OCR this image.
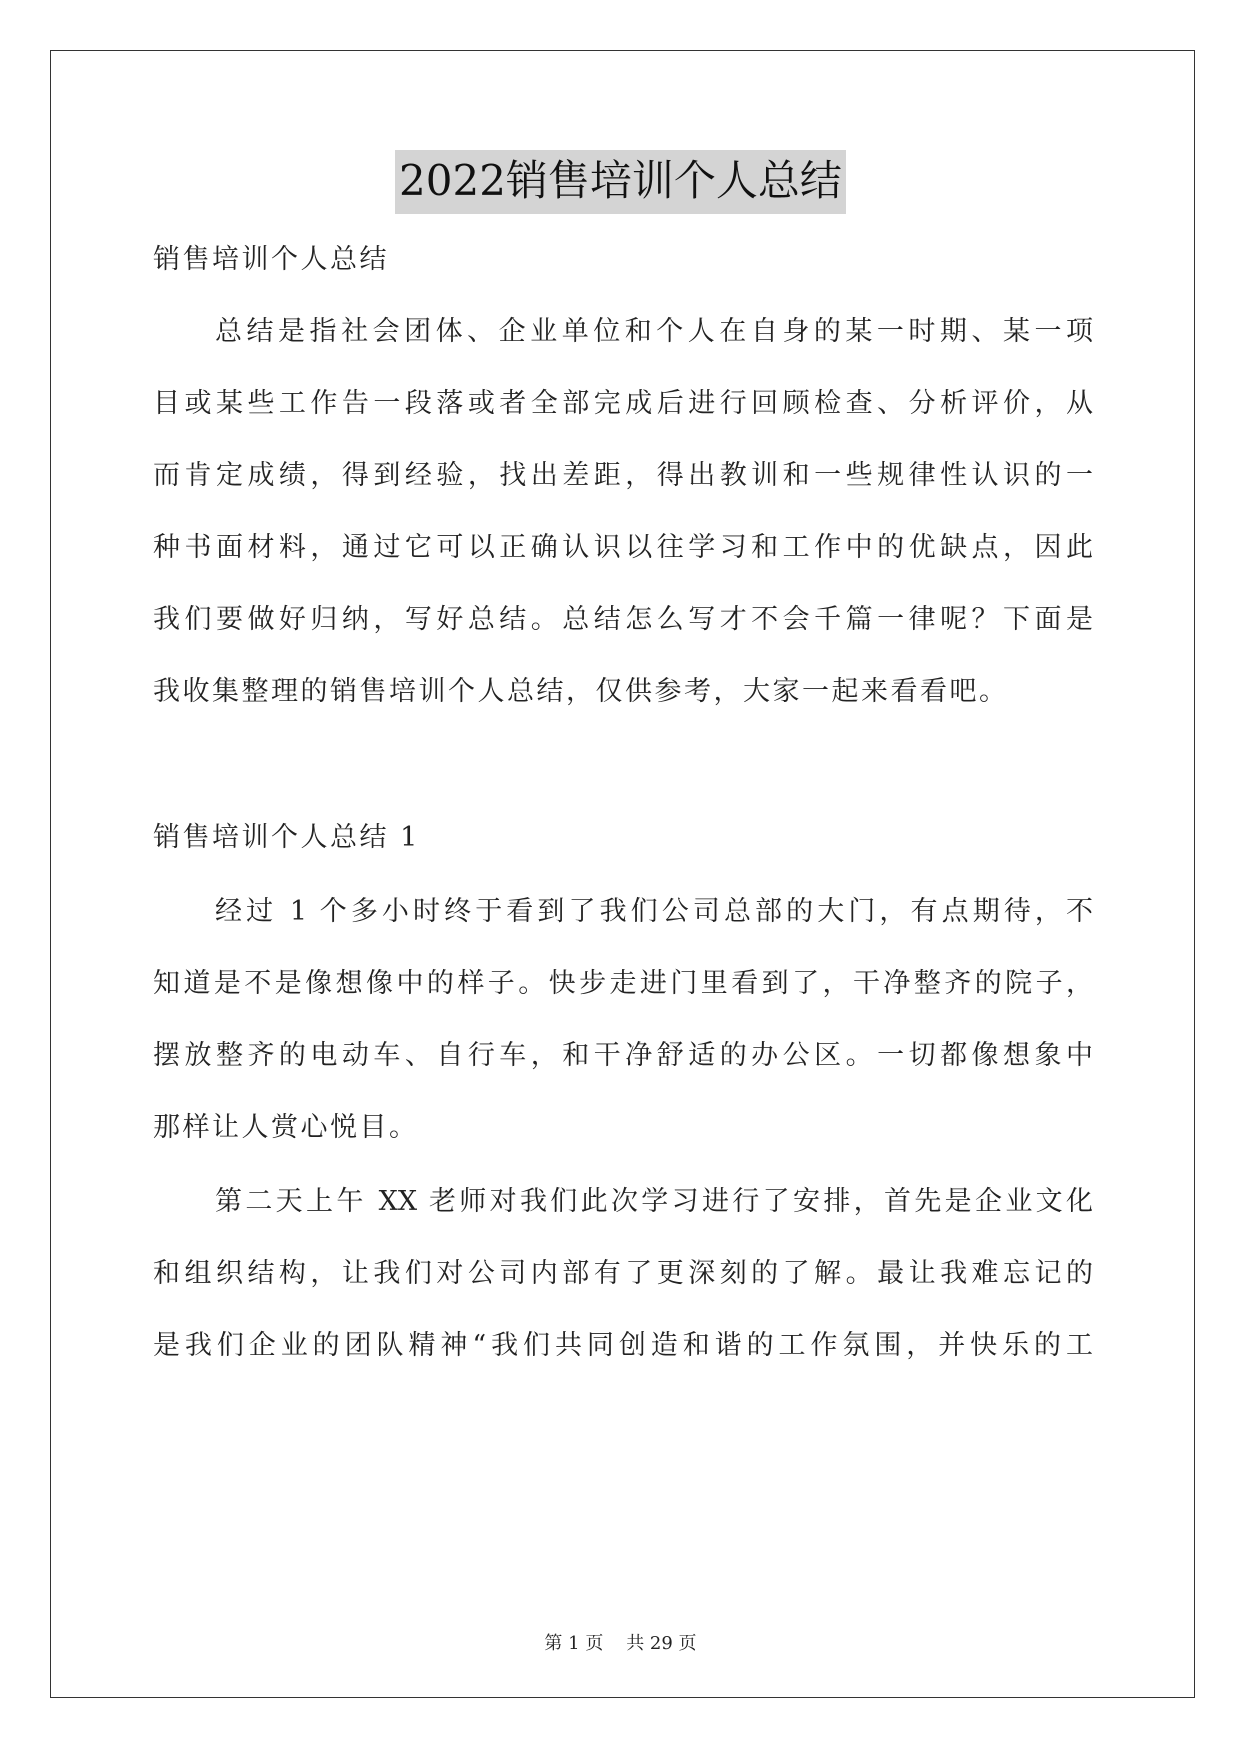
2022销售培训个人总结
销售培训个人总结
总结是指社会团体、企业单位和个人在自身的某一时期、某一项
目或某些工作告一段落或者全部完成后进行回顾检查、分析评价，从
而肯定成绩，得到经验，找出差距，得出教训和一些规律性认识的一
种书面材料，通过它可以正确认识以往学习和工作中的优缺点，因此
我们要做好归纳，写好总结。总结怎么写才不会千篇一律呢？下面是
我收集整理的销售培训个人总结，仅供参考，大家一起来看看吧。
销售培训个人总结 1
经过 1 个多小时终于看到了我们公司总部的大门，有点期待，不
知道是不是像想像中的样子。快步走进门里看到了，干净整齐的院子，
摆放整齐的电动车、自行车，和干净舒适的办公区。一切都像想象中
那样让人赏心悦目。
第二天上午 XX 老师对我们此次学习进行了安排，首先是企业文化
和组织结构，让我们对公司内部有了更深刻的了解。最让我难忘记的
是我们企业的团队精神“我们共同创造和谐的工作氛围，并快乐的工
第 1 页    共 29 页
